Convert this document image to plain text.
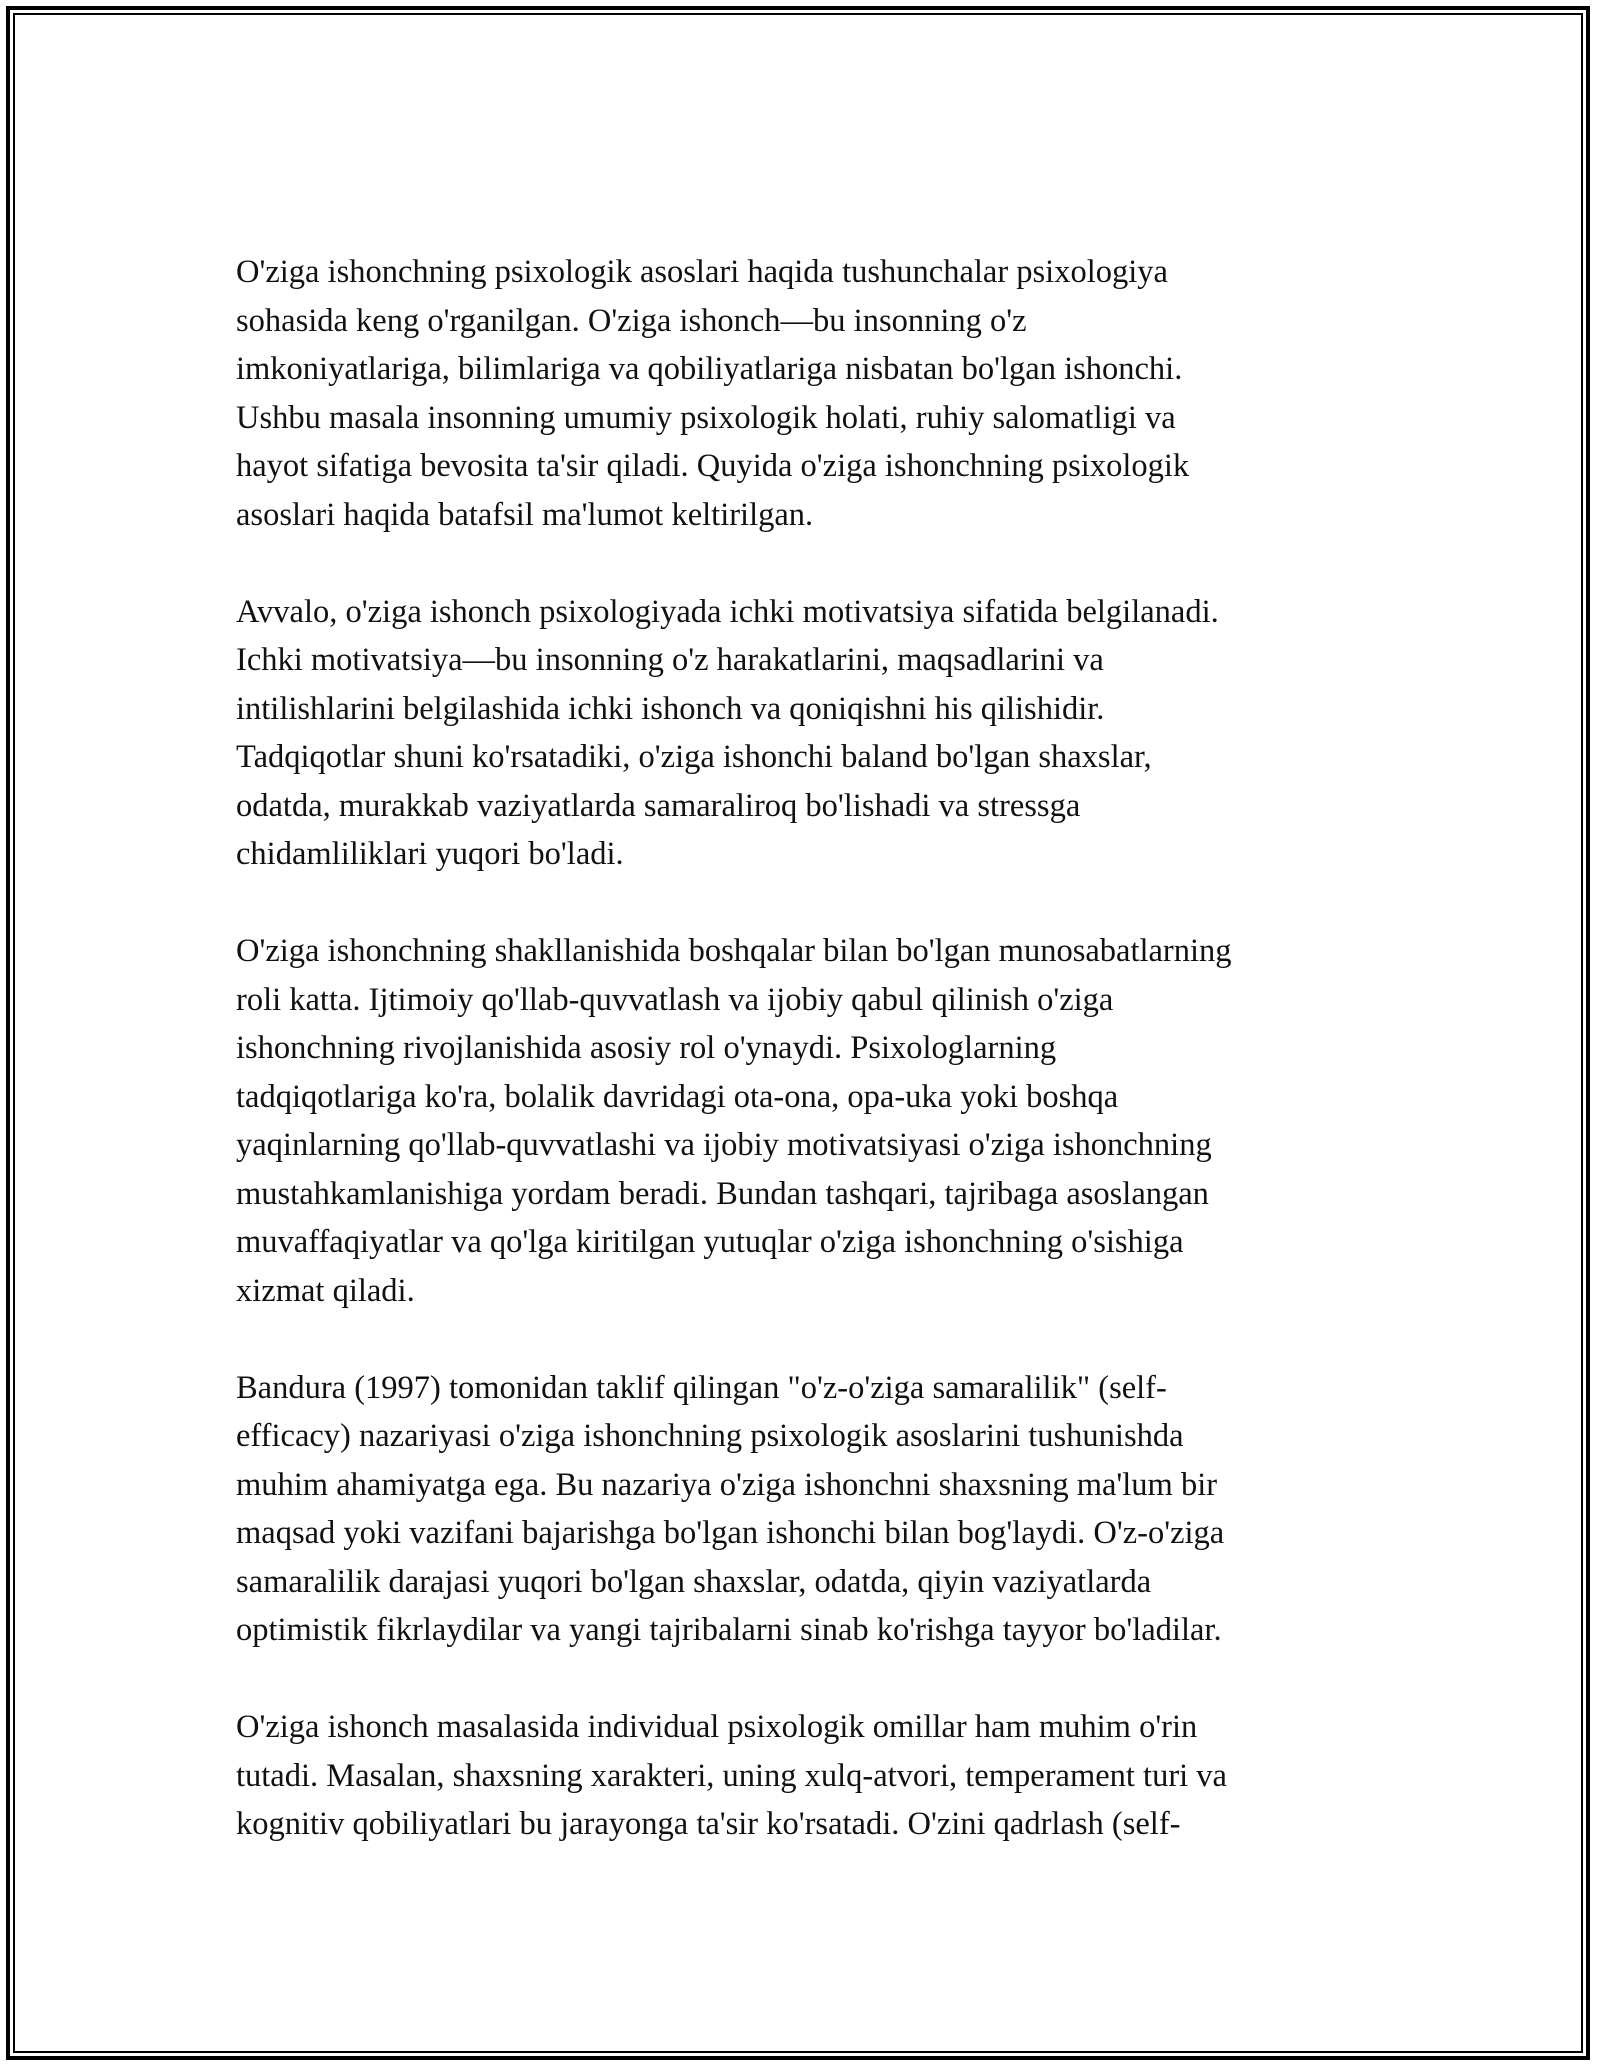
O'ziga ishonchning psixologik asoslari haqida tushunchalar psixologiya
sohasida keng o'rganilgan. O'ziga ishonch—bu insonning o'z
imkoniyatlariga, bilimlariga va qobiliyatlariga nisbatan bo'lgan ishonchi.
Ushbu masala insonning umumiy psixologik holati, ruhiy salomatligi va
hayot sifatiga bevosita ta'sir qiladi. Quyida o'ziga ishonchning psixologik
asoslari haqida batafsil ma'lumot keltirilgan.

Avvalo, o'ziga ishonch psixologiyada ichki motivatsiya sifatida belgilanadi.
Ichki motivatsiya—bu insonning o'z harakatlarini, maqsadlarini va
intilishlarini belgilashida ichki ishonch va qoniqishni his qilishidir.
Tadqiqotlar shuni ko'rsatadiki, o'ziga ishonchi baland bo'lgan shaxslar,
odatda, murakkab vaziyatlarda samaraliroq bo'lishadi va stressga
chidamliliklari yuqori bo'ladi.

O'ziga ishonchning shakllanishida boshqalar bilan bo'lgan munosabatlarning
roli katta. Ijtimoiy qo'llab-quvvatlash va ijobiy qabul qilinish o'ziga
ishonchning rivojlanishida asosiy rol o'ynaydi. Psixologlarning
tadqiqotlariga ko'ra, bolalik davridagi ota-ona, opa-uka yoki boshqa
yaqinlarning qo'llab-quvvatlashi va ijobiy motivatsiyasi o'ziga ishonchning
mustahkamlanishiga yordam beradi. Bundan tashqari, tajribaga asoslangan
muvaffaqiyatlar va qo'lga kiritilgan yutuqlar o'ziga ishonchning o'sishiga
xizmat qiladi.

Bandura (1997) tomonidan taklif qilingan "o'z-o'ziga samaralilik" (self-
efficacy) nazariyasi o'ziga ishonchning psixologik asoslarini tushunishda
muhim ahamiyatga ega. Bu nazariya o'ziga ishonchni shaxsning ma'lum bir
maqsad yoki vazifani bajarishga bo'lgan ishonchi bilan bog'laydi. O'z-o'ziga
samaralilik darajasi yuqori bo'lgan shaxslar, odatda, qiyin vaziyatlarda
optimistik fikrlaydilar va yangi tajribalarni sinab ko'rishga tayyor bo'ladilar.

O'ziga ishonch masalasida individual psixologik omillar ham muhim o'rin
tutadi. Masalan, shaxsning xarakteri, uning xulq-atvori, temperament turi va
kognitiv qobiliyatlari bu jarayonga ta'sir ko'rsatadi. O'zini qadrlash (self-
